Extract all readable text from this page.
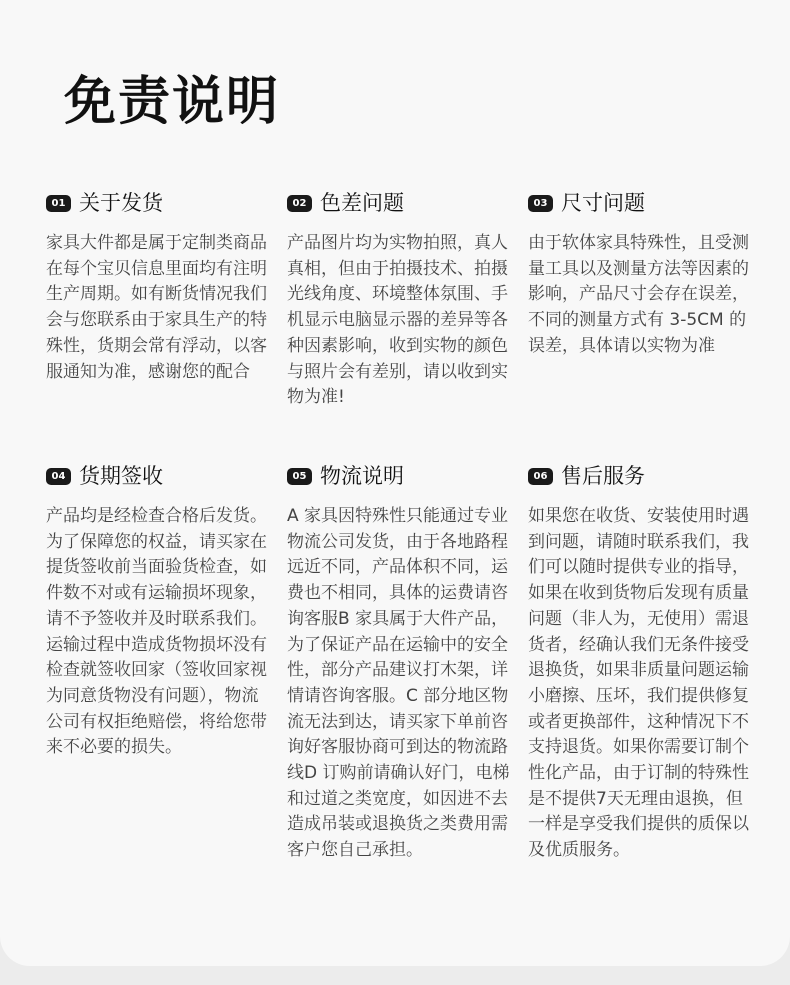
免责说明
01 关于发货

家具大件都是属于定制类商品在每个宝贝信息里面均有注明生产周期。如有断货情况我们会与您联系由于家具生产的特殊性，货期会常有浮动，以客服通知为准，感谢您的配合

02 色差问题

产品图片均为实物拍照，真人真相，但由于拍摄技术、拍摄光线角度、环境整体氛围、手机显示电脑显示器的差异等各种因素影响，收到实物的颜色与照片会有差别，请以收到实物为准!

03 尺寸问题

由于软体家具特殊性，且受测量工具以及测量方法等因素的影响，产品尺寸会存在误差，不同的测量方式有 3-5CM 的误差，具体请以实物为准

04 货期签收

产品均是经检查合格后发货。为了保障您的权益，请买家在提货签收前当面验货检查，如件数不对或有运输损坏现象，请不予签收并及时联系我们。运输过程中造成货物损坏没有检查就签收回家（签收回家视为同意货物没有问题），物流公司有权拒绝赔偿，将给您带来不必要的损失。

05 物流说明

A 家具因特殊性只能通过专业物流公司发货，由于各地路程远近不同，产品体积不同，运费也不相同，具体的运费请咨询客服B 家具属于大件产品，为了保证产品在运输中的安全性，部分产品建议打木架，详情请咨询客服。C 部分地区物流无法到达，请买家下单前咨询好客服协商可到达的物流路线D 订购前请确认好门，电梯和过道之类宽度，如因进不去造成吊装或退换货之类费用需客户您自己承担。

06 售后服务

如果您在收货、安装使用时遇到问题，请随时联系我们，我们可以随时提供专业的指导，如果在收到货物后发现有质量问题（非人为，无使用）需退货者，经确认我们无条件接受退换货，如果非质量问题运输小磨擦、压坏，我们提供修复或者更换部件，这种情况下不支持退货。如果你需要订制个性化产品，由于订制的特殊性是不提供7天无理由退换，但一样是享受我们提供的质保以及优质服务。
